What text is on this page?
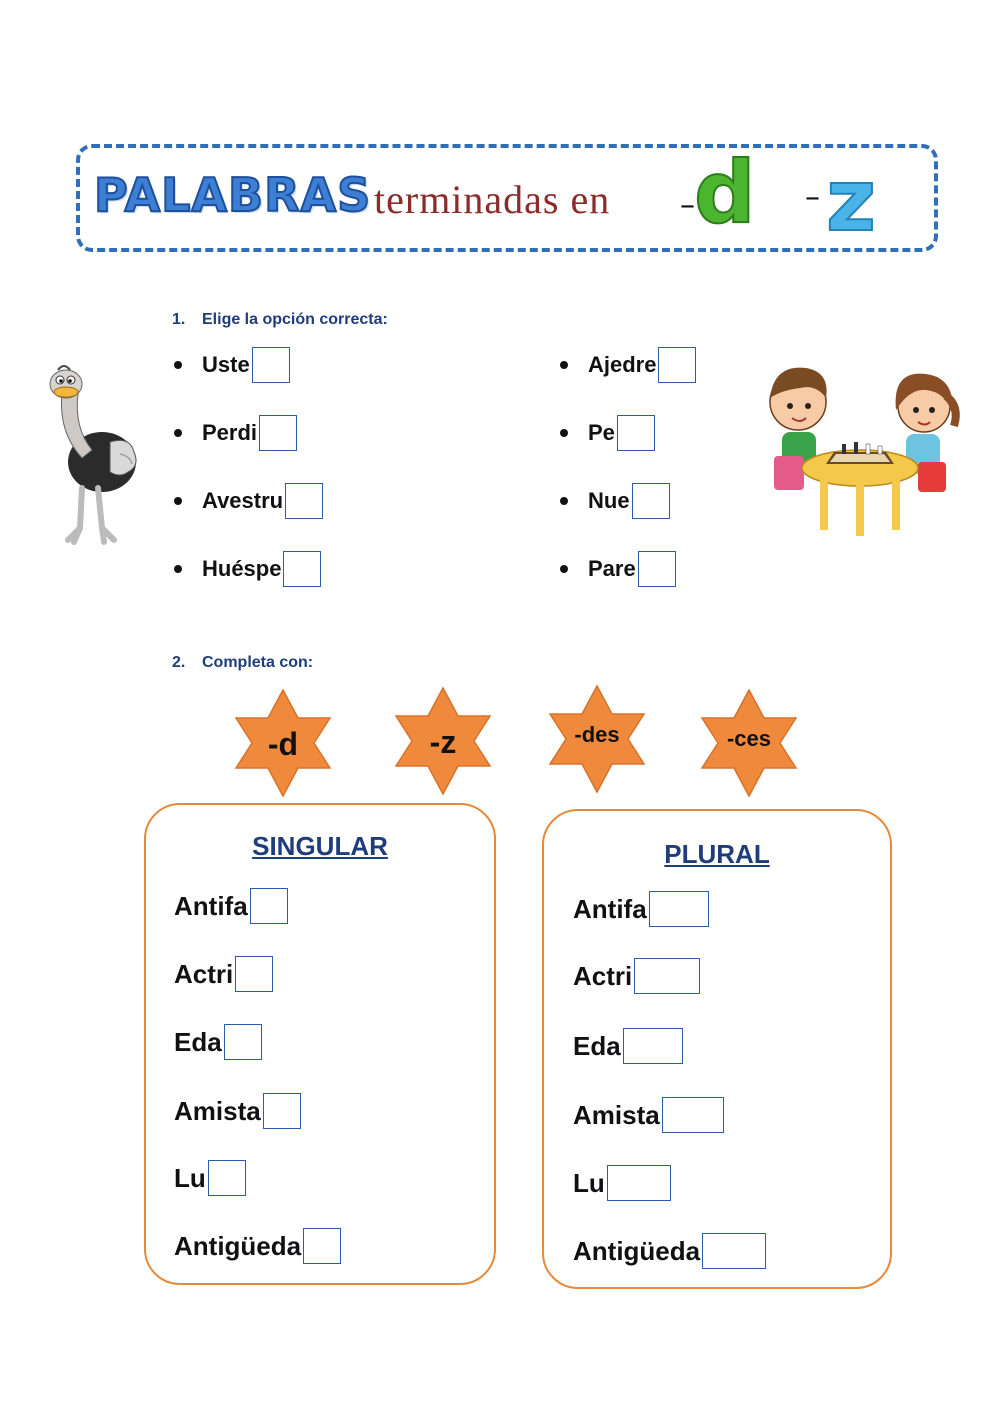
PALABRAS terminadas en – d – z
1. Elige la opción correcta:
Uste
Perdi
Avestru
Huéspe
Ajedre
Pe
Nue
Pare
2. Completa con:
-d	-z	-des	-ces
SINGULAR
Antifa
Actri
Eda
Amista
Lu
Antigüeda
PLURAL
Antifa
Actri
Eda
Amista
Lu
Antigüeda
